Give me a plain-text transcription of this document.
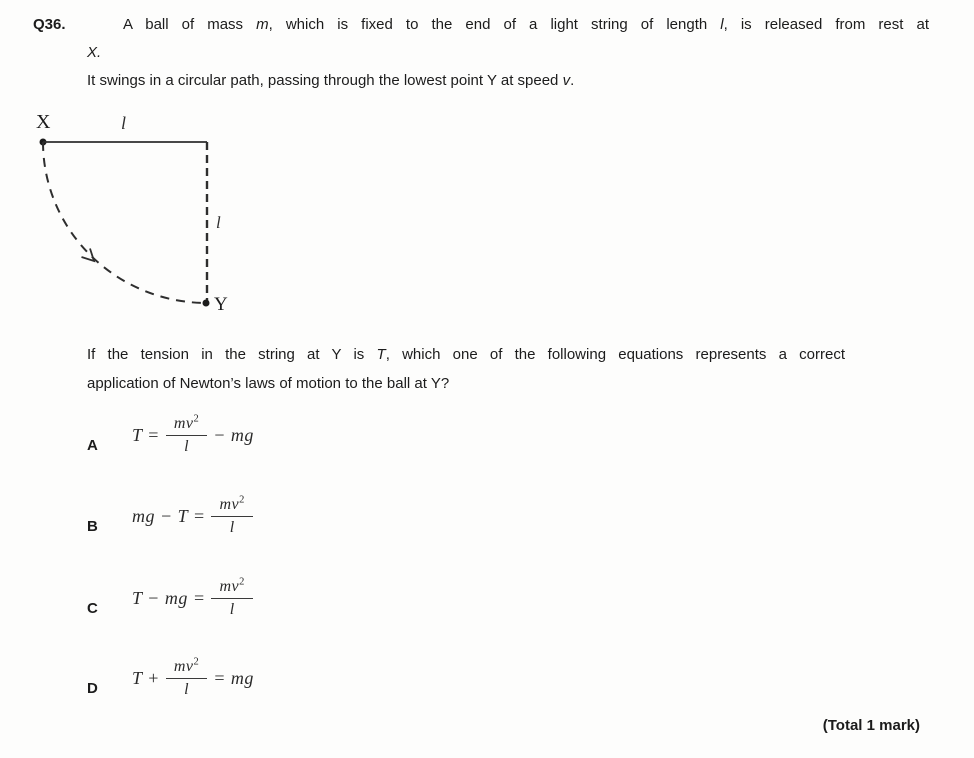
Q36.	A ball of mass m, which is fixed to the end of a light string of length l, is released from rest at
X.
It swings in a circular path, passing through the lowest point Y at speed v.
X	l
l
Y
If the tension in the string at Y is T, which one of the following equations represents a correct
application of Newton’s laws of motion to the ball at Y?
A
$T = \frac{mv^2}{l}$ − mg
B
mg − $T = \frac{mv^2}{l}$
C
T − mg = $\frac{mv^2}{l}$
D
$T + \frac{mv^2}{l}$ = mg
(Total 1 mark)
